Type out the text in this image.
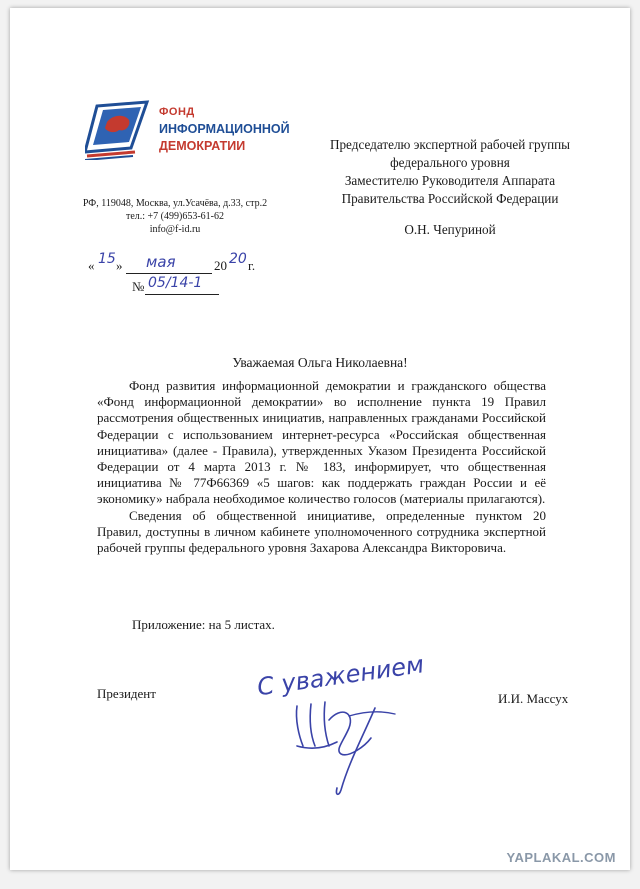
ФОНД
ИНФОРМАЦИОННОЙ
ДЕМОКРАТИИ
РФ, 119048, Москва, ул.Усачёва, д.33, стр.2
тел.: +7 (499)653-61-62
info@f-id.ru
Председателю экспертной рабочей группы
федерального уровня
Заместителю Руководителя Аппарата
Правительства Российской Федерации
О.Н. Чепуриной
« 15 » мая	20 20 г.
№ 05/14-1
Уважаемая Ольга Николаевна!

Фонд развития информационной демократии и гражданского общества «Фонд информационной демократии» во исполнение пункта 19 Правил рассмотрения общественных инициатив, направленных гражданами Российской Федерации с использованием интернет-ресурса «Российская общественная инициатива» (далее - Правила), утвержденных Указом Президента Российской Федерации от 4 марта 2013 г. № 183, информирует, что общественная инициатива № 77Ф66369 «5 шагов: как поддержать граждан России и её экономику» набрала необходимое количество голосов (материалы прилагаются).

Сведения об общественной инициативе, определенные пунктом 20 Правил, доступны в личном кабинете уполномоченного сотрудника экспертной рабочей группы федерального уровня Захарова Александра Викторовича.

Приложение: на 5 листах.
Президент	И.И. Массух
С уважением
YAPLAKAL.COM
